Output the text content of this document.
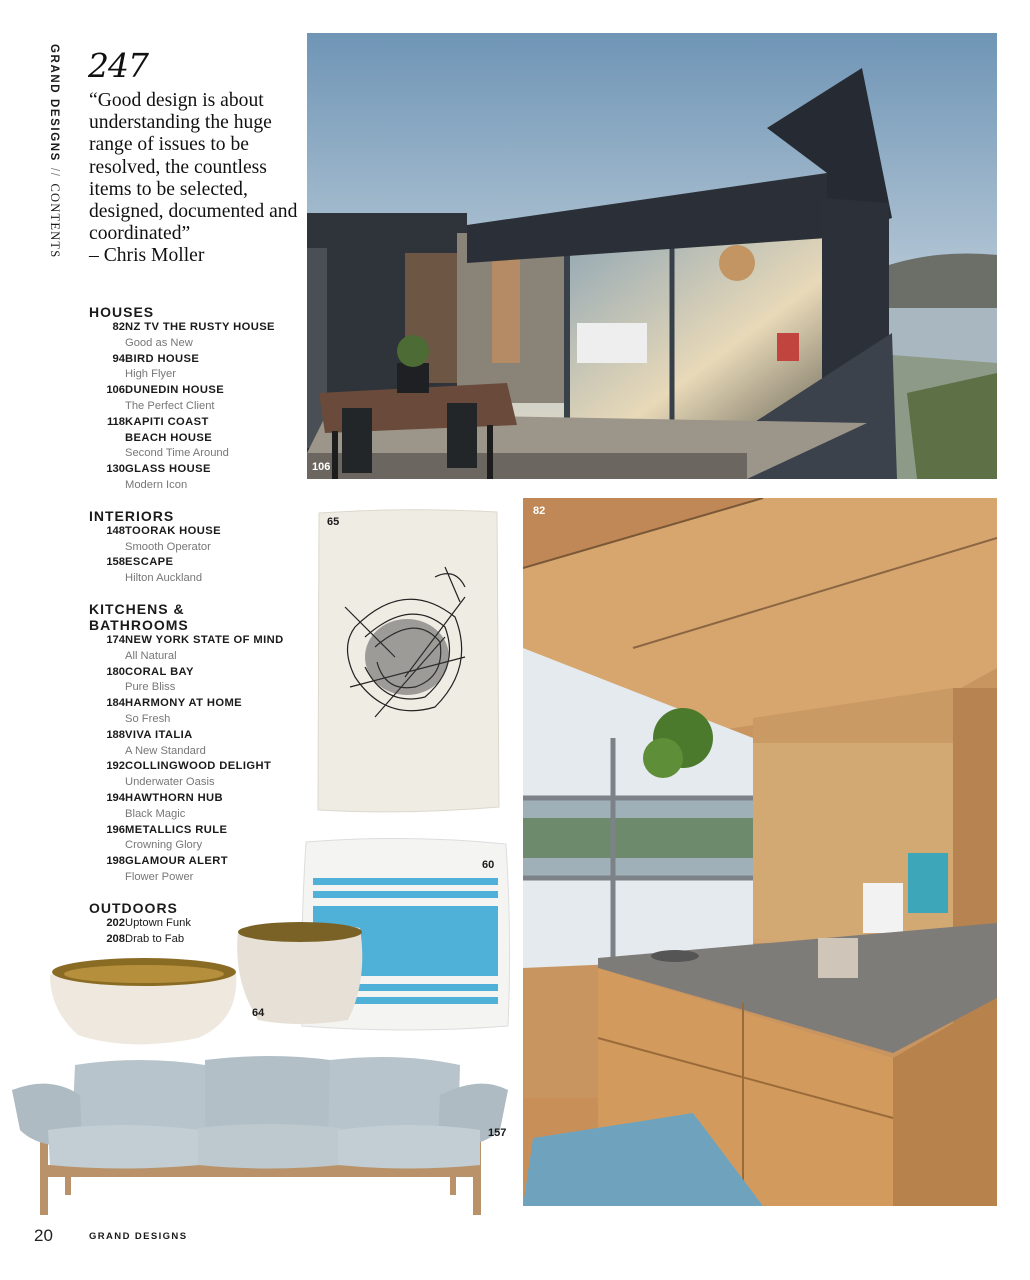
GRAND DESIGNS//CONTENTS
247
“Good design is about understanding the huge range of issues to be resolved, the countless items to be selected, designed, documented and coordinated”
– Chris Moller
HOUSES
82 NZ TV THE RUSTY HOUSE
Good as New
94 BIRD HOUSE
High Flyer
106 DUNEDIN HOUSE
The Perfect Client
118 KAPITI COAST BEACH HOUSE
Second Time Around
130 GLASS HOUSE
Modern Icon
INTERIORS
148 TOORAK HOUSE
Smooth Operator
158 ESCAPE
Hilton Auckland
KITCHENS & BATHROOMS
174 NEW YORK STATE OF MIND
All Natural
180 CORAL BAY
Pure Bliss
184 HARMONY AT HOME
So Fresh
188 VIVA ITALIA
A New Standard
192 COLLINGWOOD DELIGHT
Underwater Oasis
194 HAWTHORN HUB
Black Magic
196 METALLICS RULE
Crowning Glory
198 GLAMOUR ALERT
Flower Power
OUTDOORS
202 Uptown Funk
208 Drab to Fab
106
82
65
60
64
157
20	GRAND DESIGNS
